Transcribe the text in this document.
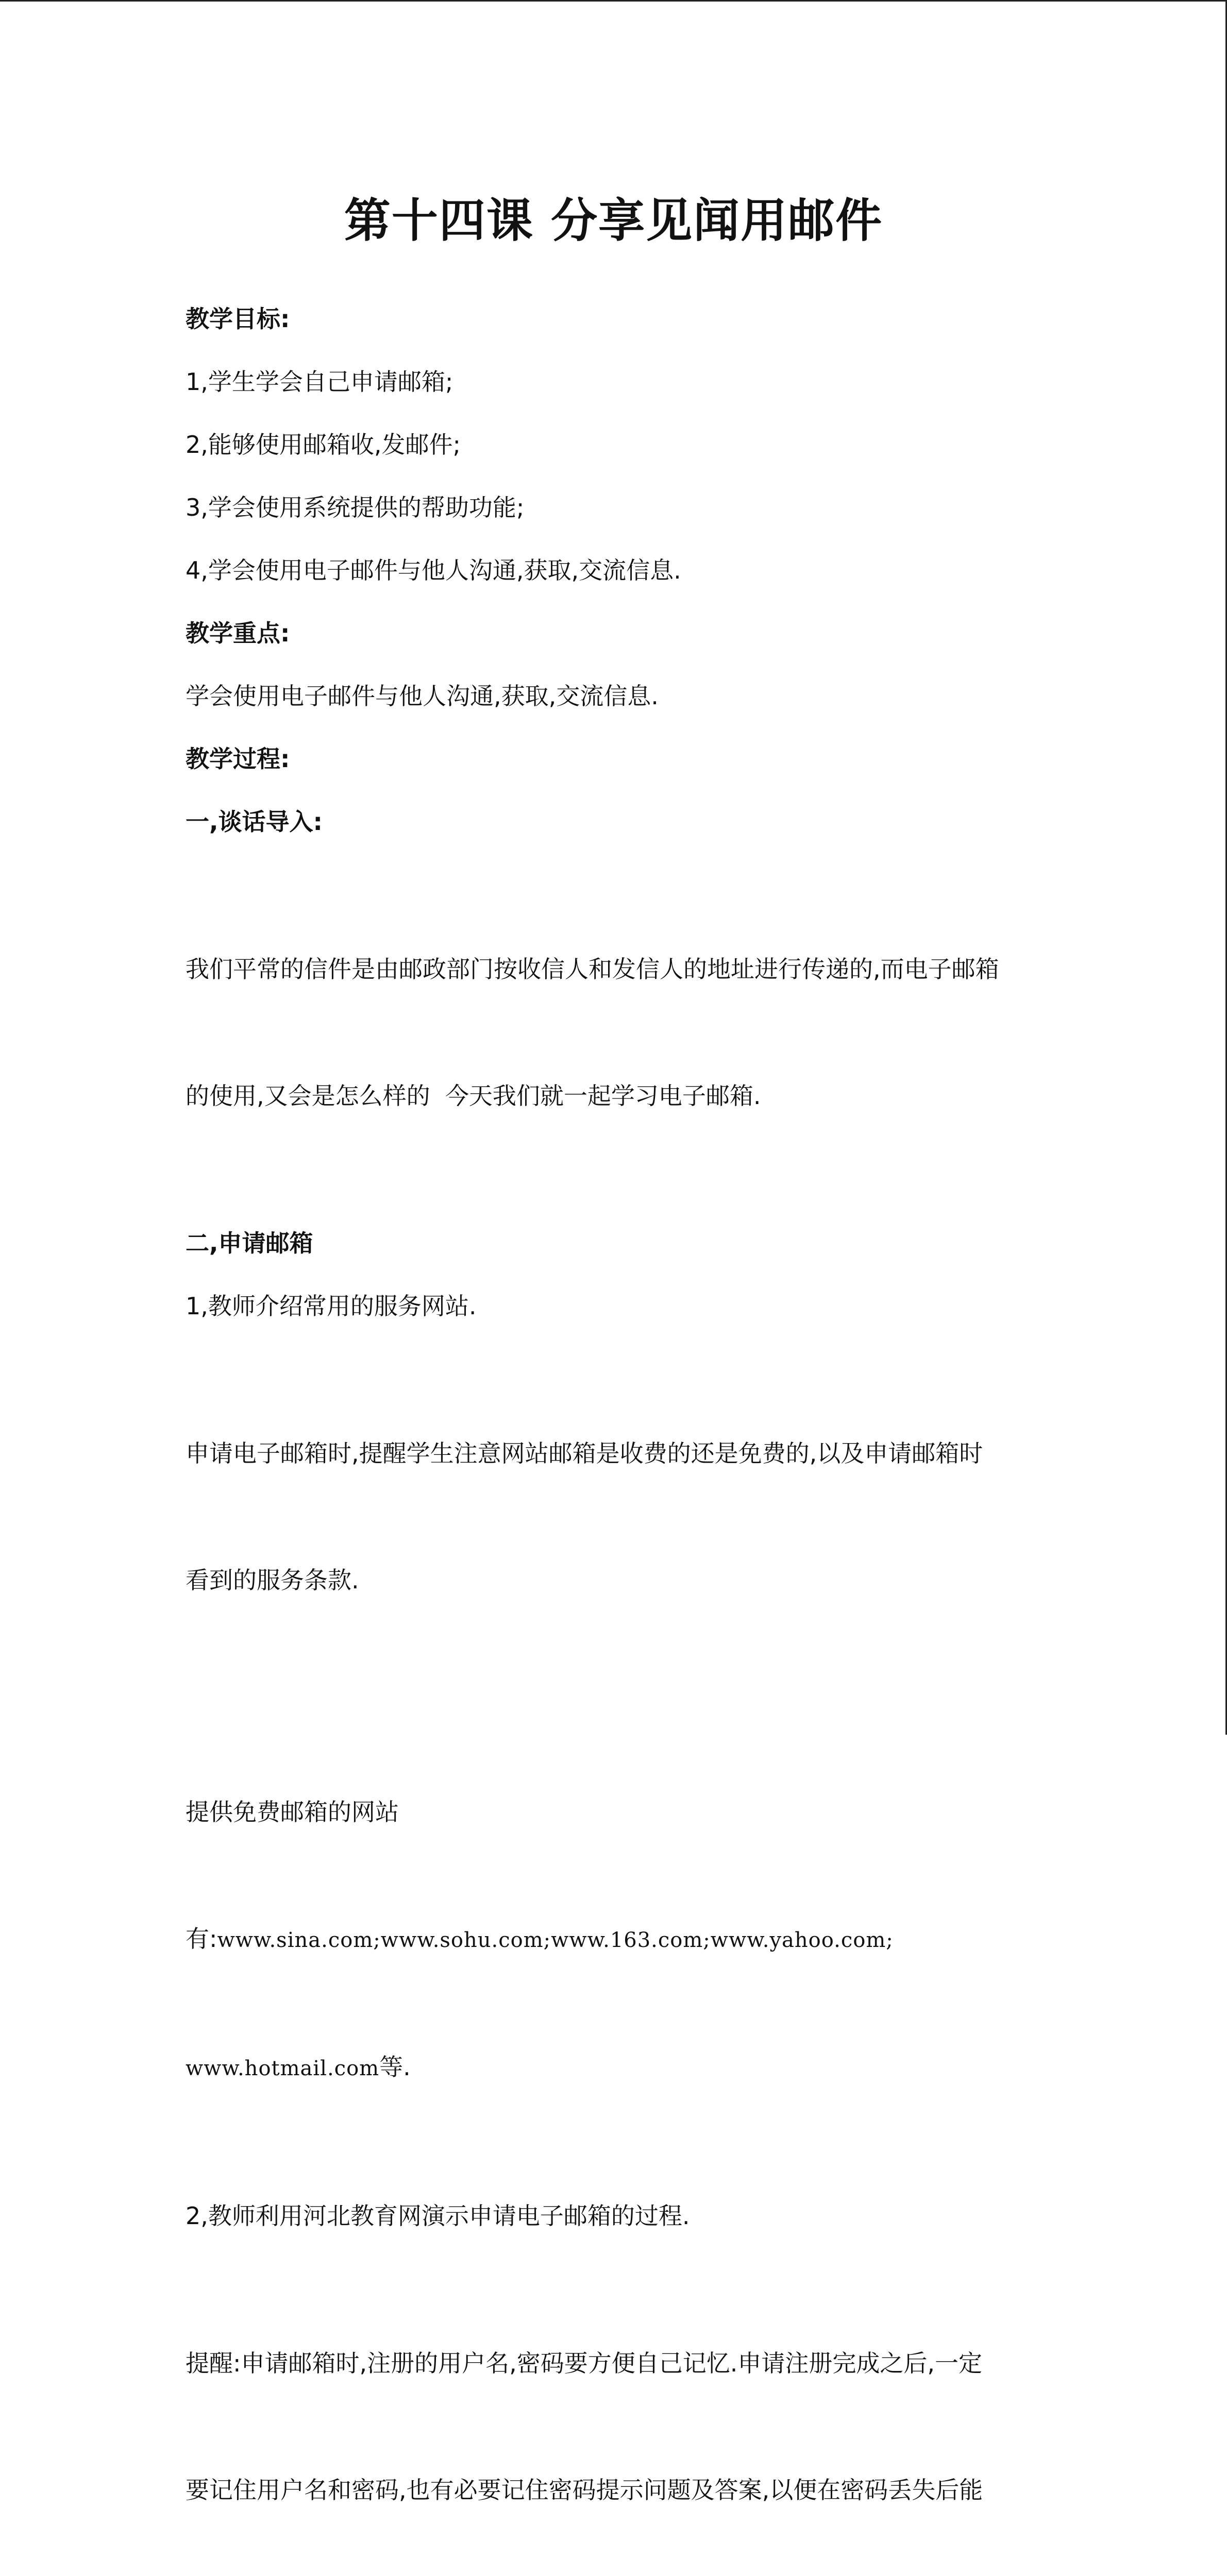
第十四课 分享见闻用邮件

教学目标:

1,学生学会自己申请邮箱;

2,能够使用邮箱收,发邮件;

3,学会使用系统提供的帮助功能;

4,学会使用电子邮件与他人沟通,获取,交流信息.

教学重点:

学会使用电子邮件与他人沟通,获取,交流信息.

教学过程:

一,谈话导入:

我们平常的信件是由邮政部门按收信人和发信人的地址进行传递的,而电子邮箱

的使用,又会是怎么样的  今天我们就一起学习电子邮箱.

二,申请邮箱

1,教师介绍常用的服务网站.

申请电子邮箱时,提醒学生注意网站邮箱是收费的还是免费的,以及申请邮箱时

看到的服务条款.

提供免费邮箱的网站

有:www.sina.com;www.sohu.com;www.163.com;www.yahoo.com;

www.hotmail.com等.

2,教师利用河北教育网演示申请电子邮箱的过程.

提醒:申请邮箱时,注册的用户名,密码要方便自己记忆.申请注册完成之后,一定

要记住用户名和密码,也有必要记住密码提示问题及答案,以便在密码丢失后能
